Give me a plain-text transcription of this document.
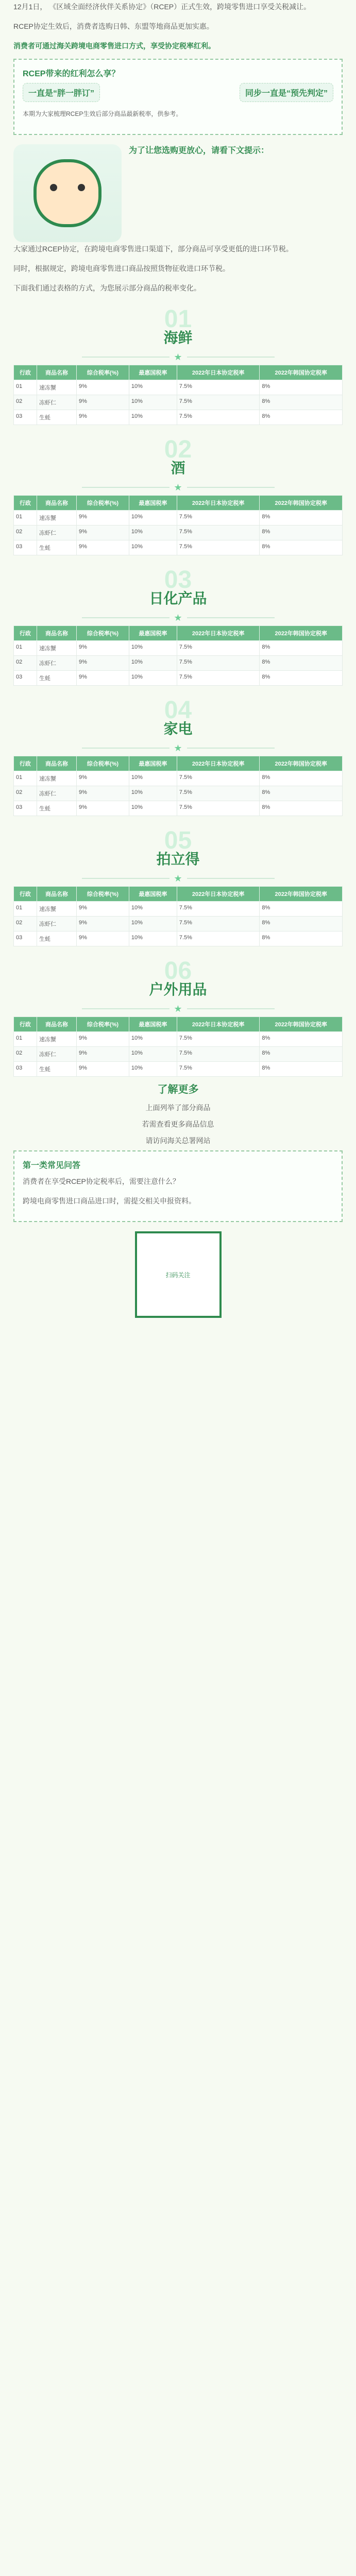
12月1日， 《区域全面经济伙伴关系协定》（RCEP）正式生效，跨境零售进口享受关税减让。

RCEP协定生效后，消费者选购日韩、东盟等地商品更加实惠。

消费者可通过海关跨境电商零售进口方式，享受协定税率红利。

RCEP带来的红利怎么享？
一直是“胖一胖订”	同步一直是“预先判定”

本期为大家梳理RCEP生效后部分商品最新税率，供参考。

为了让您选购更放心，请看下文提示：

大家通过RCEP协定，在跨境电商零售进口渠道下，部分商品可享受更低的进口环节税。

同时，根据规定，跨境电商零售进口商品按照货物征收进口环节税。

下面我们通过表格的方式，为您展示部分商品的税率变化。

01
海鲜
★
行政	商品名称	综合税率(%)	最惠国税率	2022年日本协定税率	2022年韩国协定税率
01	速冻蟹	9%	10%	7.5%	8%
02	冻虾仁	9%	10%	7.5%	8%
03	生蚝	9%	10%	7.5%	8%
02
酒
★
行政	商品名称	综合税率(%)	最惠国税率	2022年日本协定税率	2022年韩国协定税率
01	速冻蟹	9%	10%	7.5%	8%
02	冻虾仁	9%	10%	7.5%	8%
03	生蚝	9%	10%	7.5%	8%
03
日化产品
★
行政	商品名称	综合税率(%)	最惠国税率	2022年日本协定税率	2022年韩国协定税率
01	速冻蟹	9%	10%	7.5%	8%
02	冻虾仁	9%	10%	7.5%	8%
03	生蚝	9%	10%	7.5%	8%
04
家电
★
行政	商品名称	综合税率(%)	最惠国税率	2022年日本协定税率	2022年韩国协定税率
01	速冻蟹	9%	10%	7.5%	8%
02	冻虾仁	9%	10%	7.5%	8%
03	生蚝	9%	10%	7.5%	8%
05
拍立得
★
行政	商品名称	综合税率(%)	最惠国税率	2022年日本协定税率	2022年韩国协定税率
01	速冻蟹	9%	10%	7.5%	8%
02	冻虾仁	9%	10%	7.5%	8%
03	生蚝	9%	10%	7.5%	8%
06
户外用品
★
行政	商品名称	综合税率(%)	最惠国税率	2022年日本协定税率	2022年韩国协定税率
01	速冻蟹	9%	10%	7.5%	8%
02	冻虾仁	9%	10%	7.5%	8%
03	生蚝	9%	10%	7.5%	8%
了解更多

上面列举了部分商品

若需查看更多商品信息

请访问海关总署网站

第一类常见问答

消费者在享受RCEP协定税率后，需要注意什么？

跨境电商零售进口商品进口时，需提交相关申报资料。

扫码关注
